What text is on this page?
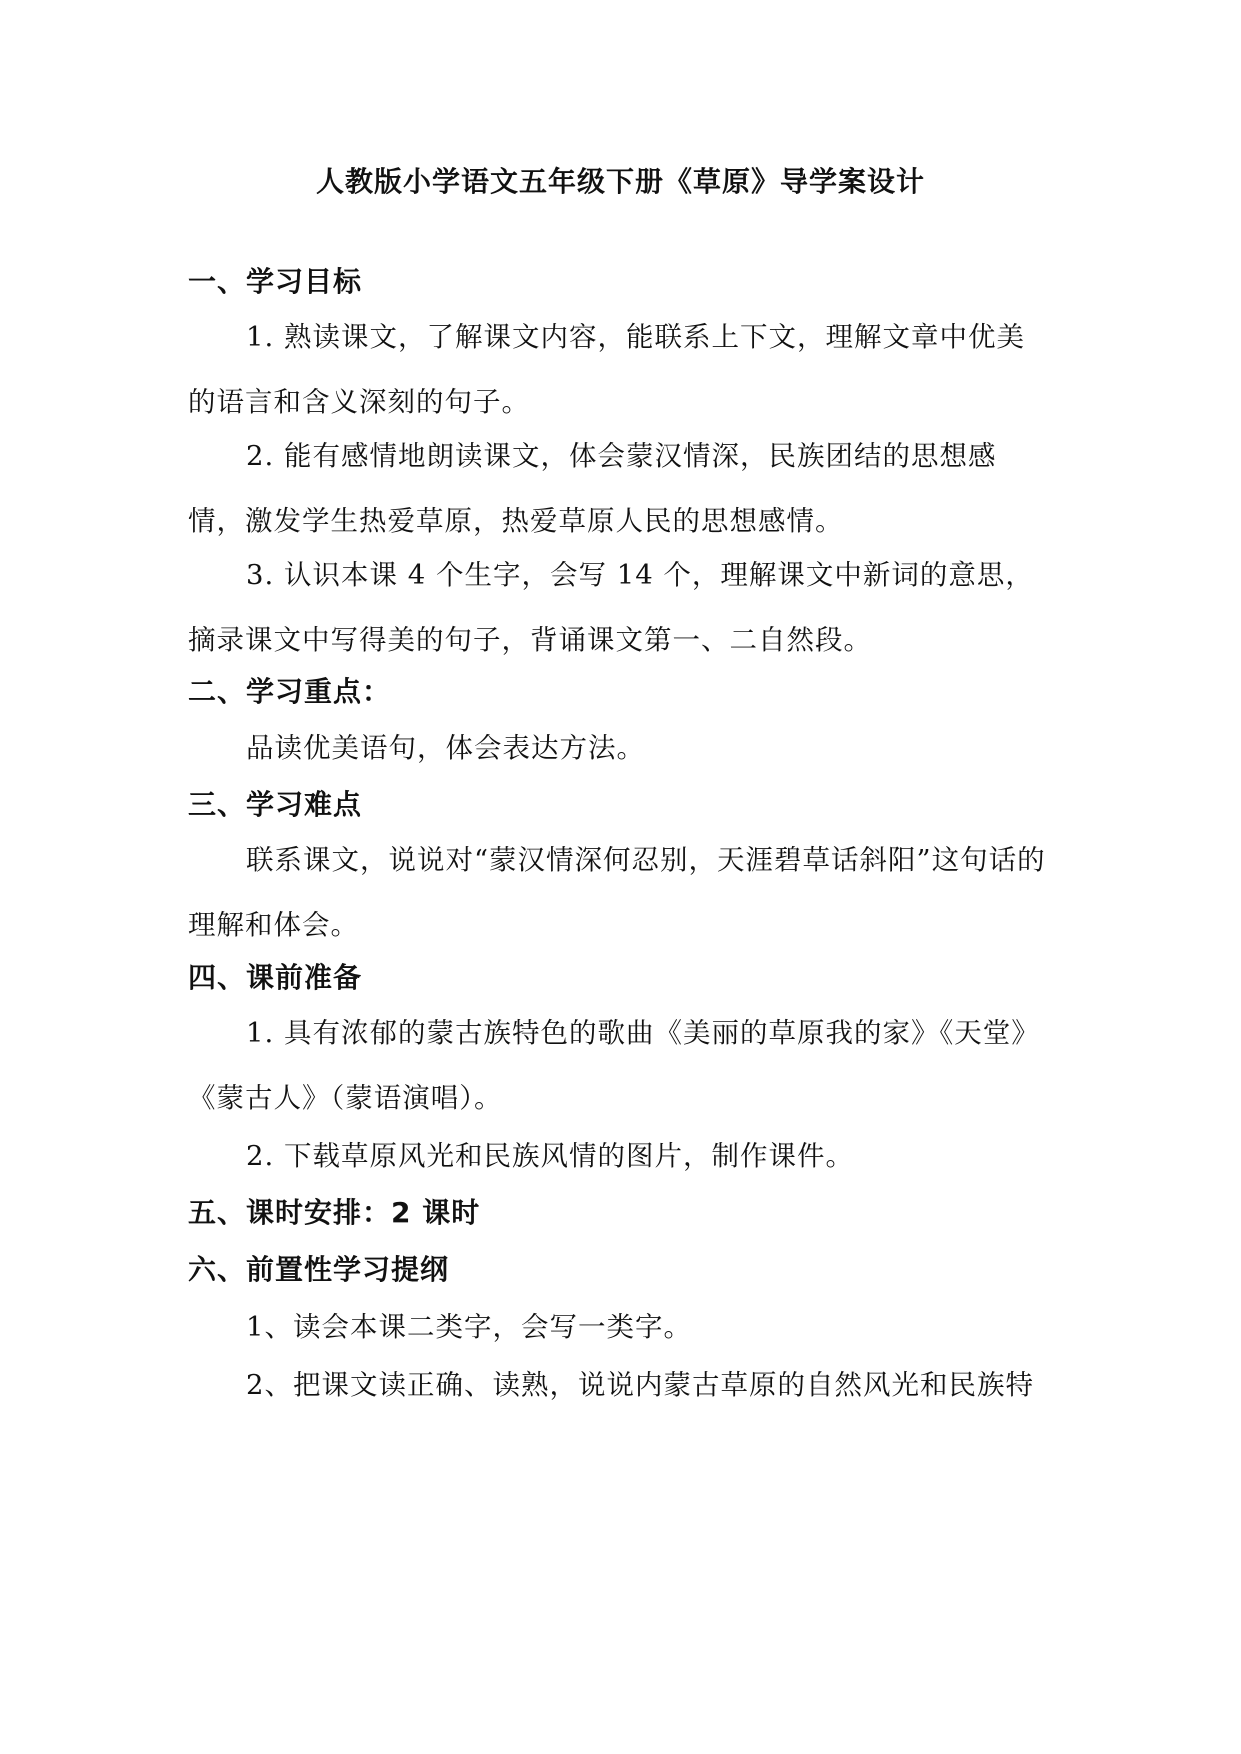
人教版小学语文五年级下册《草原》导学案设计
一、学习目标
1. 熟读课文，了解课文内容，能联系上下文，理解文章中优美的语言和含义深刻的句子。
2. 能有感情地朗读课文，体会蒙汉情深，民族团结的思想感情，激发学生热爱草原，热爱草原人民的思想感情。
3. 认识本课 4 个生字，会写 14 个，理解课文中新词的意思，摘录课文中写得美的句子，背诵课文第一、二自然段。
二、学习重点：
品读优美语句，体会表达方法。
三、学习难点
联系课文，说说对“蒙汉情深何忍别，天涯碧草话斜阳”这句话的理解和体会。
四、课前准备
1. 具有浓郁的蒙古族特色的歌曲《美丽的草原我的家》《天堂》《蒙古人》（蒙语演唱）。
2. 下载草原风光和民族风情的图片，制作课件。
五、课时安排：2 课时
六、前置性学习提纲
1、读会本课二类字，会写一类字。
2、把课文读正确、读熟，说说内蒙古草原的自然风光和民族特
